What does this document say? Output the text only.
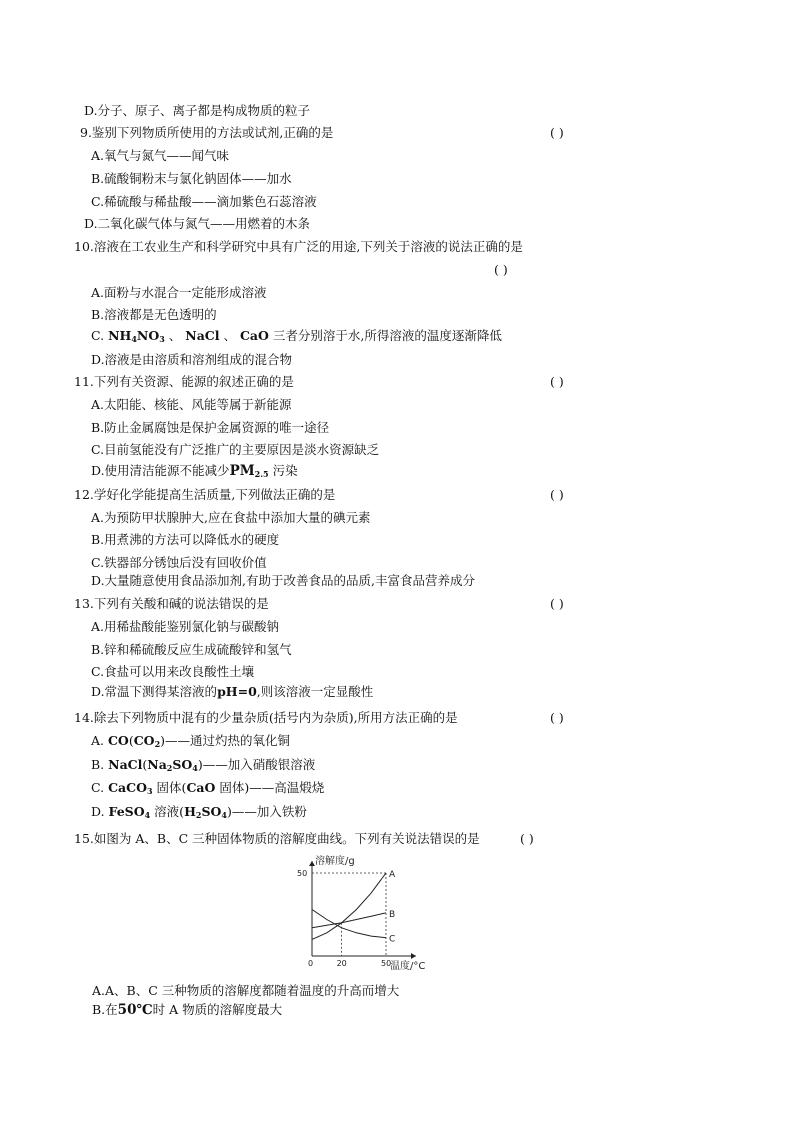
D.分子、原子、离子都是构成物质的粒子
9.鉴别下列物质所使用的方法或试剂,正确的是	( )
A.氧气与氮气——闻气味
B.硫酸铜粉末与氯化钠固体——加水
C.稀硫酸与稀盐酸——滴加紫色石蕊溶液
D.二氧化碳气体与氮气——用燃着的木条
10.溶液在工农业生产和科学研究中具有广泛的用途,下列关于溶液的说法正确的是
( )
A.面粉与水混合一定能形成溶液
B.溶液都是无色透明的
C. $NH_4NO_3$ 、 NaCl 、 CaO 三者分别溶于水,所得溶液的温度逐渐降低
D.溶液是由溶质和溶剂组成的混合物
11.下列有关资源、能源的叙述正确的是	( )
A.太阳能、核能、风能等属于新能源
B.防止金属腐蚀是保护金属资源的唯一途径
C.目前氢能没有广泛推广的主要原因是淡水资源缺乏
D.使用清洁能源不能减少$PM_{2.5}$ 污染
12.学好化学能提高生活质量,下列做法正确的是	( )
A.为预防甲状腺肿大,应在食盐中添加大量的碘元素
B.用煮沸的方法可以降低水的硬度
C.铁器部分锈蚀后没有回收价值
D.大量随意使用食品添加剂,有助于改善食品的品质,丰富食品营养成分
13.下列有关酸和碱的说法错误的是	( )
A.用稀盐酸能鉴别氯化钠与碳酸钠
B.锌和稀硫酸反应生成硫酸锌和氢气
C.食盐可以用来改良酸性土壤
D.常温下测得某溶液的pH=0,则该溶液一定显酸性
14.除去下列物质中混有的少量杂质(括号内为杂质),所用方法正确的是	( )
A. $CO(CO_2)——$通过灼热的氧化铜
B. $NaCl(Na_2SO_4)——$加入硝酸银溶液
C. CaCO$_3$ 固体(CaO 固体)——高温煅烧
D. FeSO$_4$ 溶液$(H_2SO_4)——$加入铁粉
15.如图为 A、B、C 三种固体物质的溶解度曲线。下列有关说法错误的是
A
B
C
0	20	50
50
溶解度/g
温度/°C
A.A、B、C 三种物质的溶解度都随着温度的升高而增大
B.在50℃时 A 物质的溶解度最大
( )
